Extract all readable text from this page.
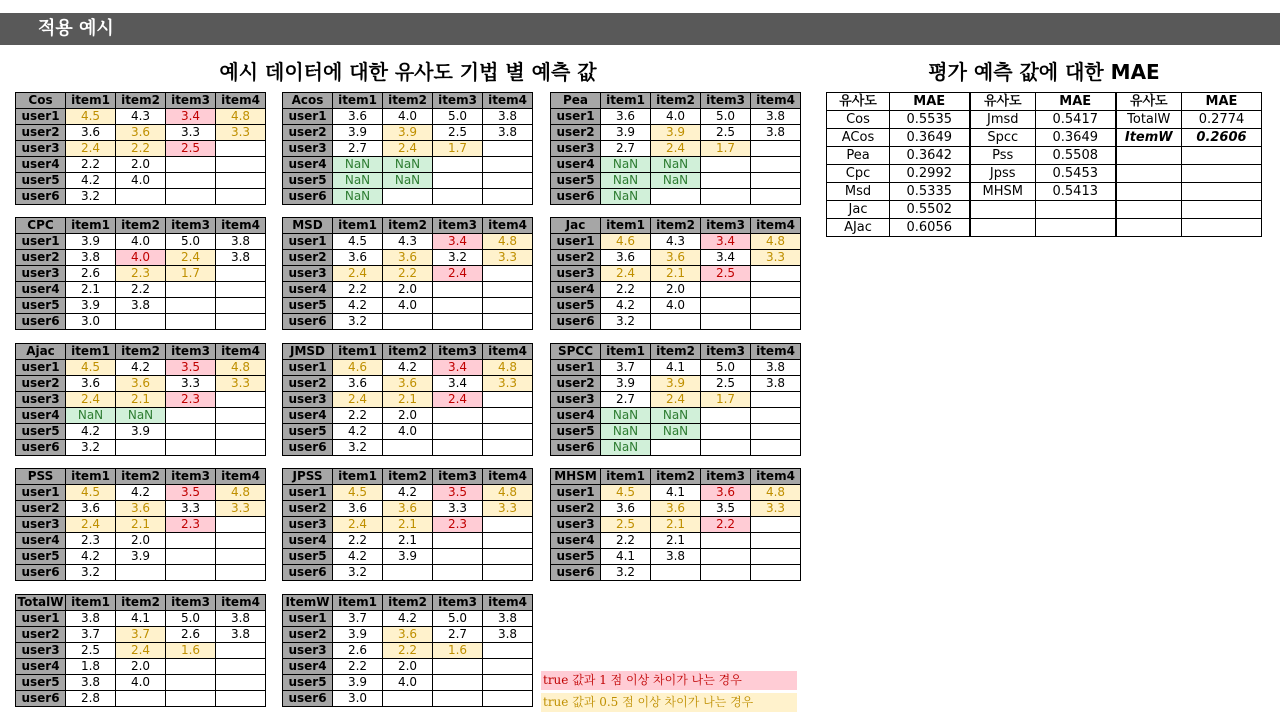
적용 예시
예시 데이터에 대한 유사도 기법 별 예측 값	평가 예측 값에 대한 MAE
Cos	item1	item2	item3	item4
user1	4.5	4.3	3.4	4.8
user2	3.6	3.6	3.3	3.3
user3	2.4	2.2	2.5	
user4	2.2	2.0		
user5	4.2	4.0		
user6	3.2			
Acos	item1	item2	item3	item4
user1	3.6	4.0	5.0	3.8
user2	3.9	3.9	2.5	3.8
user3	2.7	2.4	1.7	
user4	NaN	NaN		
user5	NaN	NaN		
user6	NaN			
Pea	item1	item2	item3	item4
user1	3.6	4.0	5.0	3.8
user2	3.9	3.9	2.5	3.8
user3	2.7	2.4	1.7	
user4	NaN	NaN		
user5	NaN	NaN		
user6	NaN			
CPC	item1	item2	item3	item4
user1	3.9	4.0	5.0	3.8
user2	3.8	4.0	2.4	3.8
user3	2.6	2.3	1.7	
user4	2.1	2.2		
user5	3.9	3.8		
user6	3.0			
MSD	item1	item2	item3	item4
user1	4.5	4.3	3.4	4.8
user2	3.6	3.6	3.2	3.3
user3	2.4	2.2	2.4	
user4	2.2	2.0		
user5	4.2	4.0		
user6	3.2			
Jac	item1	item2	item3	item4
user1	4.6	4.3	3.4	4.8
user2	3.6	3.6	3.4	3.3
user3	2.4	2.1	2.5	
user4	2.2	2.0		
user5	4.2	4.0		
user6	3.2			
Ajac	item1	item2	item3	item4
user1	4.5	4.2	3.5	4.8
user2	3.6	3.6	3.3	3.3
user3	2.4	2.1	2.3	
user4	NaN	NaN		
user5	4.2	3.9		
user6	3.2			
JMSD	item1	item2	item3	item4
user1	4.6	4.2	3.4	4.8
user2	3.6	3.6	3.4	3.3
user3	2.4	2.1	2.4	
user4	2.2	2.0		
user5	4.2	4.0		
user6	3.2			
SPCC	item1	item2	item3	item4
user1	3.7	4.1	5.0	3.8
user2	3.9	3.9	2.5	3.8
user3	2.7	2.4	1.7	
user4	NaN	NaN		
user5	NaN	NaN		
user6	NaN			
PSS	item1	item2	item3	item4
user1	4.5	4.2	3.5	4.8
user2	3.6	3.6	3.3	3.3
user3	2.4	2.1	2.3	
user4	2.3	2.0		
user5	4.2	3.9		
user6	3.2			
JPSS	item1	item2	item3	item4
user1	4.5	4.2	3.5	4.8
user2	3.6	3.6	3.3	3.3
user3	2.4	2.1	2.3	
user4	2.2	2.1		
user5	4.2	3.9		
user6	3.2			
MHSM	item1	item2	item3	item4
user1	4.5	4.1	3.6	4.8
user2	3.6	3.6	3.5	3.3
user3	2.5	2.1	2.2	
user4	2.2	2.1		
user5	4.1	3.8		
user6	3.2			
TotalW	item1	item2	item3	item4
user1	3.8	4.1	5.0	3.8
user2	3.7	3.7	2.6	3.8
user3	2.5	2.4	1.6	
user4	1.8	2.0		
user5	3.8	4.0		
user6	2.8			
ItemW	item1	item2	item3	item4
user1	3.7	4.2	5.0	3.8
user2	3.9	3.6	2.7	3.8
user3	2.6	2.2	1.6	
user4	2.2	2.0		
user5	3.9	4.0		
user6	3.0			
유사도	MAE	유사도	MAE	유사도	MAE
Cos	0.5535	Jmsd	0.5417	TotalW	0.2774
ACos	0.3649	Spcc	0.3649	ItemW	0.2606
Pea	0.3642	Pss	0.5508		
Cpc	0.2992	Jpss	0.5453		
Msd	0.5335	MHSM	0.5413		
Jac	0.5502				
AJac	0.6056				
true 값과 1 점 이상 차이가 나는 경우
true 값과 0.5 점 이상 차이가 나는 경우
